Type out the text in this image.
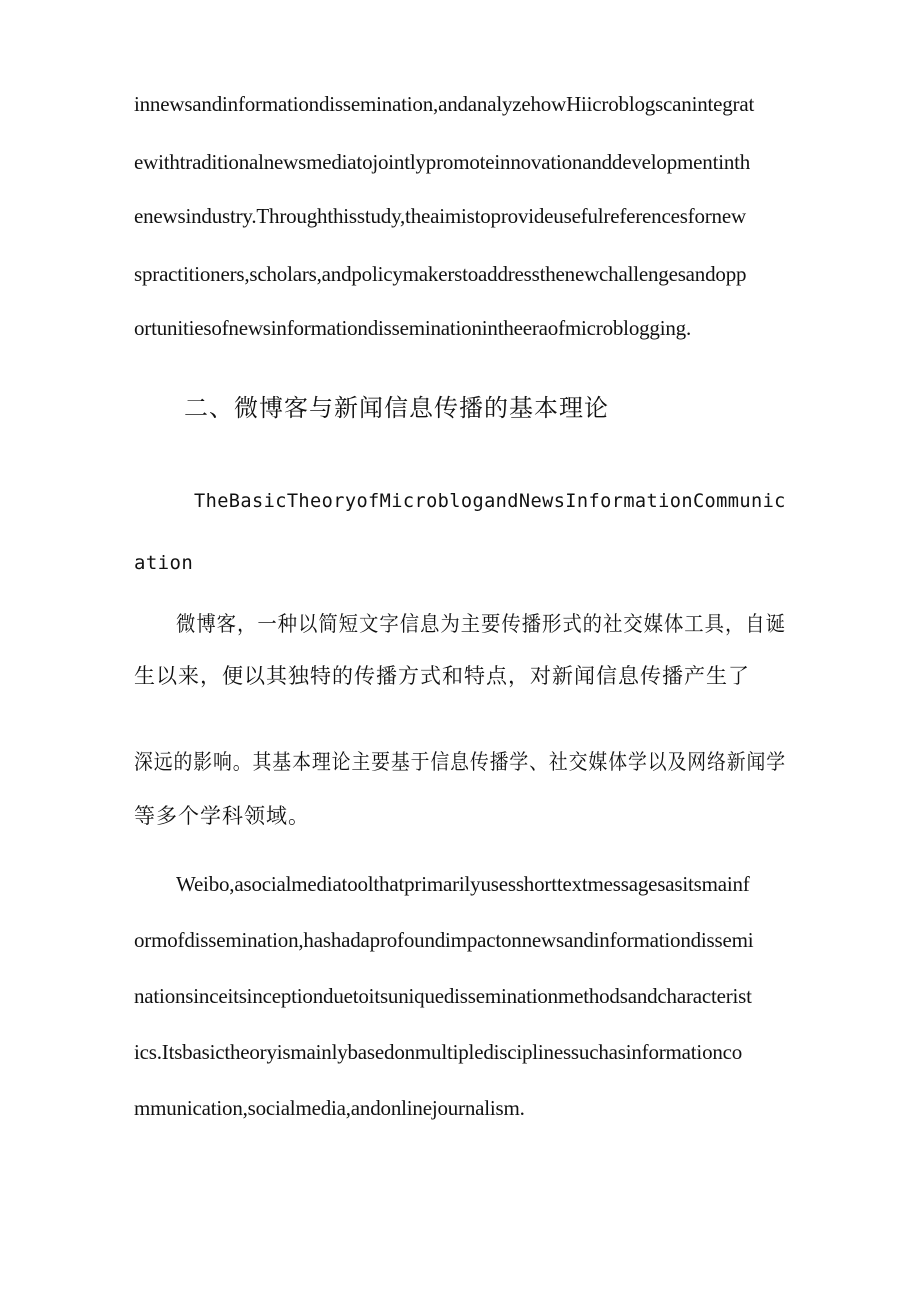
innewsandinformationdissemination,andanalyzehowHiicroblogscanintegrat
ewithtraditionalnewsmediatojointlypromoteinnovationanddevelopmentinth
enewsindustry.Throughthisstudy,theaimistoprovideusefulreferencesfornew
spractitioners,scholars,andpolicymakerstoaddressthenewchallengesandopp
ortunitiesofnewsinformationdisseminationintheeraofmicroblogging.
二、微博客与新闻信息传播的基本理论
TheBasicTheoryofMicroblogandNewsInformationCommunic
ation
微博客，一种以简短文字信息为主要传播形式的社交媒体工具，自诞
生以来，便以其独特的传播方式和特点，对新闻信息传播产生了
深远的影响。其基本理论主要基于信息传播学、社交媒体学以及网络新闻学
等多个学科领域。
Weibo,asocialmediatoolthatprimarilyusesshorttextmessagesasitsmainf
ormofdissemination,hashadaprofoundimpactonnewsandinformationdissemi
nationsinceitsinceptionduetoitsuniquedisseminationmethodsandcharacterist
ics.Itsbasictheoryismainlybasedonmultipledisciplinessuchasinformationco
mmunication,socialmedia,andonlinejournalism.
